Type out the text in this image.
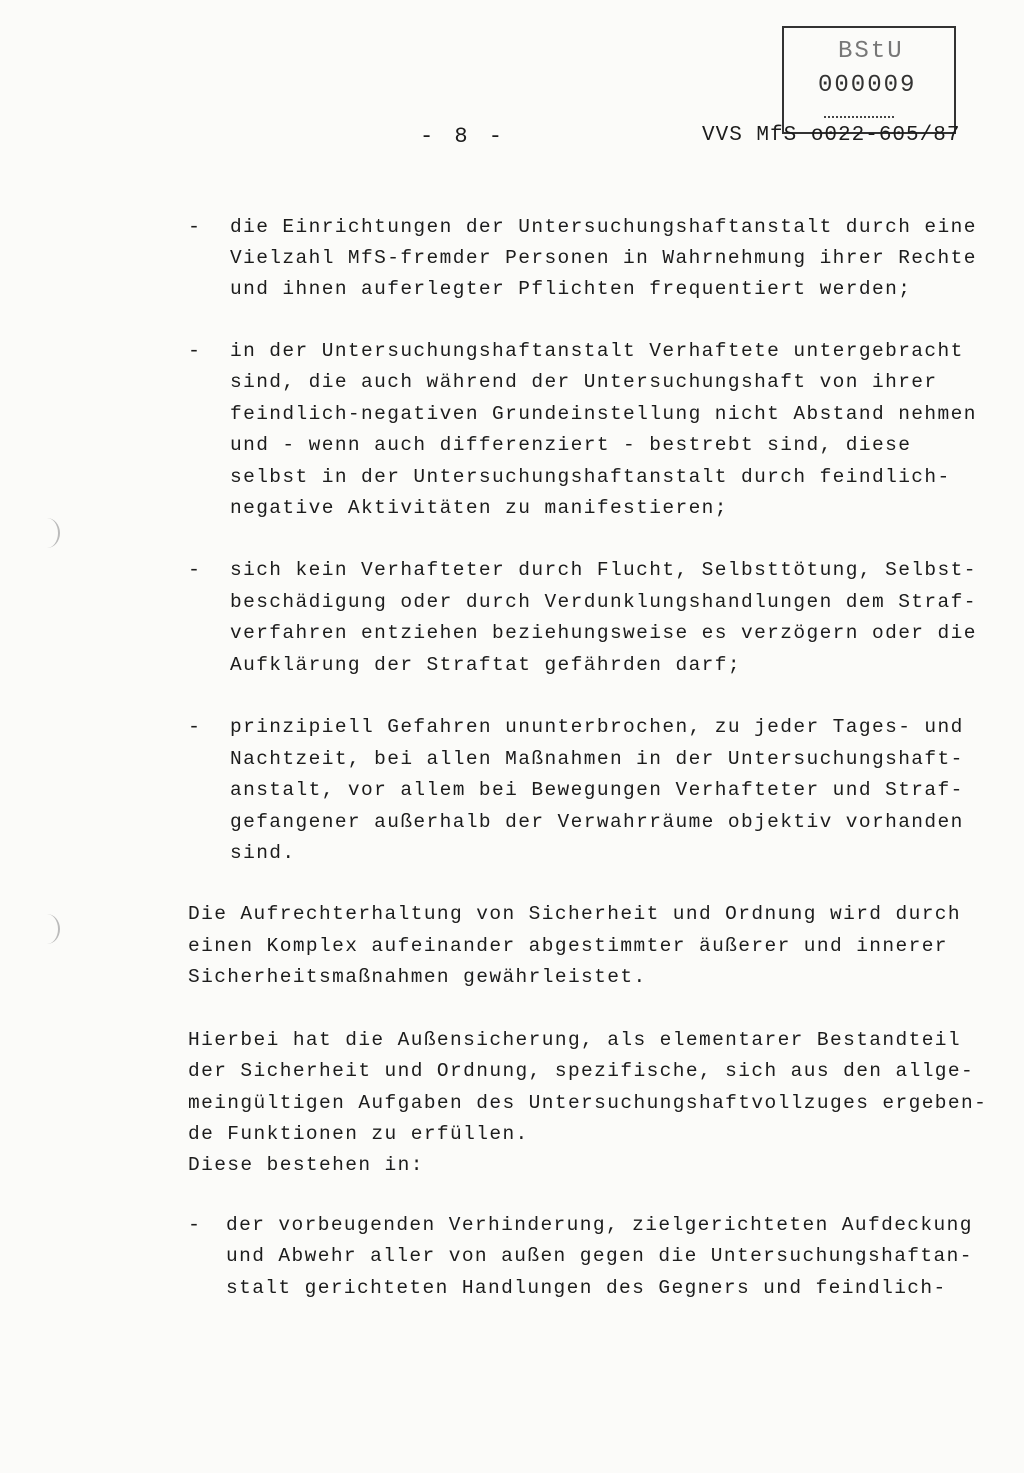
BStU
000009
- 8 -	VVS MfS o022-605/87
- die Einrichtungen der Untersuchungshaftanstalt durch eine
Vielzahl MfS-fremder Personen in Wahrnehmung ihrer Rechte
und ihnen auferlegter Pflichten frequentiert werden;
- in der Untersuchungshaftanstalt Verhaftete untergebracht
sind, die auch während der Untersuchungshaft von ihrer
feindlich-negativen Grundeinstellung nicht Abstand nehmen
und - wenn auch differenziert - bestrebt sind, diese
selbst in der Untersuchungshaftanstalt durch feindlich-
negative Aktivitäten zu manifestieren;
- sich kein Verhafteter durch Flucht, Selbsttötung, Selbst-
beschädigung oder durch Verdunklungshandlungen dem Straf-
verfahren entziehen beziehungsweise es verzögern oder die
Aufklärung der Straftat gefährden darf;
- prinzipiell Gefahren ununterbrochen, zu jeder Tages- und
Nachtzeit, bei allen Maßnahmen in der Untersuchungshaft-
anstalt, vor allem bei Bewegungen Verhafteter und Straf-
gefangener außerhalb der Verwahrräume objektiv vorhanden
sind.
Die Aufrechterhaltung von Sicherheit und Ordnung wird durch
einen Komplex aufeinander abgestimmter äußerer und innerer
Sicherheitsmaßnahmen gewährleistet.
Hierbei hat die Außensicherung, als elementarer Bestandteil
der Sicherheit und Ordnung, spezifische, sich aus den allge-
meingültigen Aufgaben des Untersuchungshaftvollzuges ergeben-
de Funktionen zu erfüllen.
Diese bestehen in:
- der vorbeugenden Verhinderung, zielgerichteten Aufdeckung
und Abwehr aller von außen gegen die Untersuchungshaftan-
stalt gerichteten Handlungen des Gegners und feindlich-
